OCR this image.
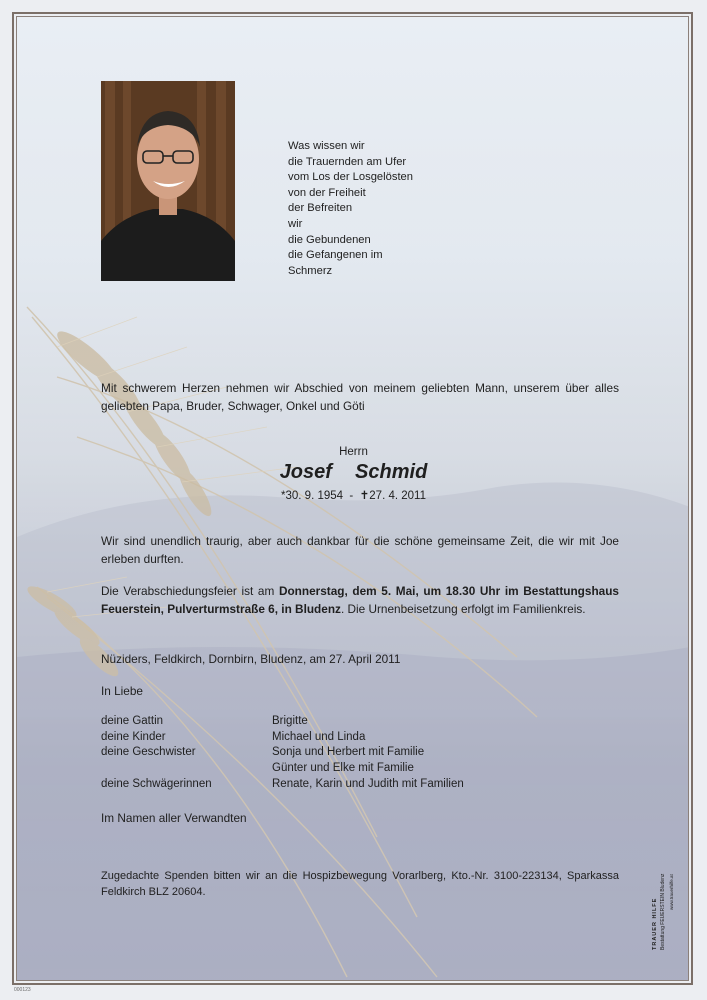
Was wissen wir
die Trauernden am Ufer
vom Los der Losgelösten
von der Freiheit
der Befreiten
wir
die Gebundenen
die Gefangenen im
Schmerz
Mit schwerem Herzen nehmen wir Abschied von meinem geliebten Mann, unserem über alles geliebten Papa, Bruder, Schwager, Onkel und Göti
Herrn
Josef  Schmid
*30. 9. 1954  -  ✝27. 4. 2011
Wir sind unendlich traurig, aber auch dankbar für die schöne gemeinsame Zeit, die wir mit Joe erleben durften.
Die Verabschiedungsfeier ist am Donnerstag, dem 5. Mai, um 18.30 Uhr im Bestattungshaus Feuerstein, Pulverturmstraße 6, in Bludenz. Die Urnenbeisetzung erfolgt im Familienkreis.
Nüziders, Feldkirch, Dornbirn, Bludenz, am 27. April 2011
In Liebe
deine Gattin	Brigitte
deine Kinder	Michael und Linda
deine Geschwister	Sonja und Herbert mit Familie
Günter und Elke mit Familie
deine Schwägerinnen	Renate, Karin und Judith mit Familien
Im Namen aller Verwandten
Zugedachte Spenden bitten wir an die Hospizbewegung Vorarlberg, Kto.-Nr. 3100-223134, Sparkassa Feldkirch BLZ 20604.
TRAUER HILFE Bestattung FEUERSTEIN Bludenz www.trauerhilfe.at
000123
